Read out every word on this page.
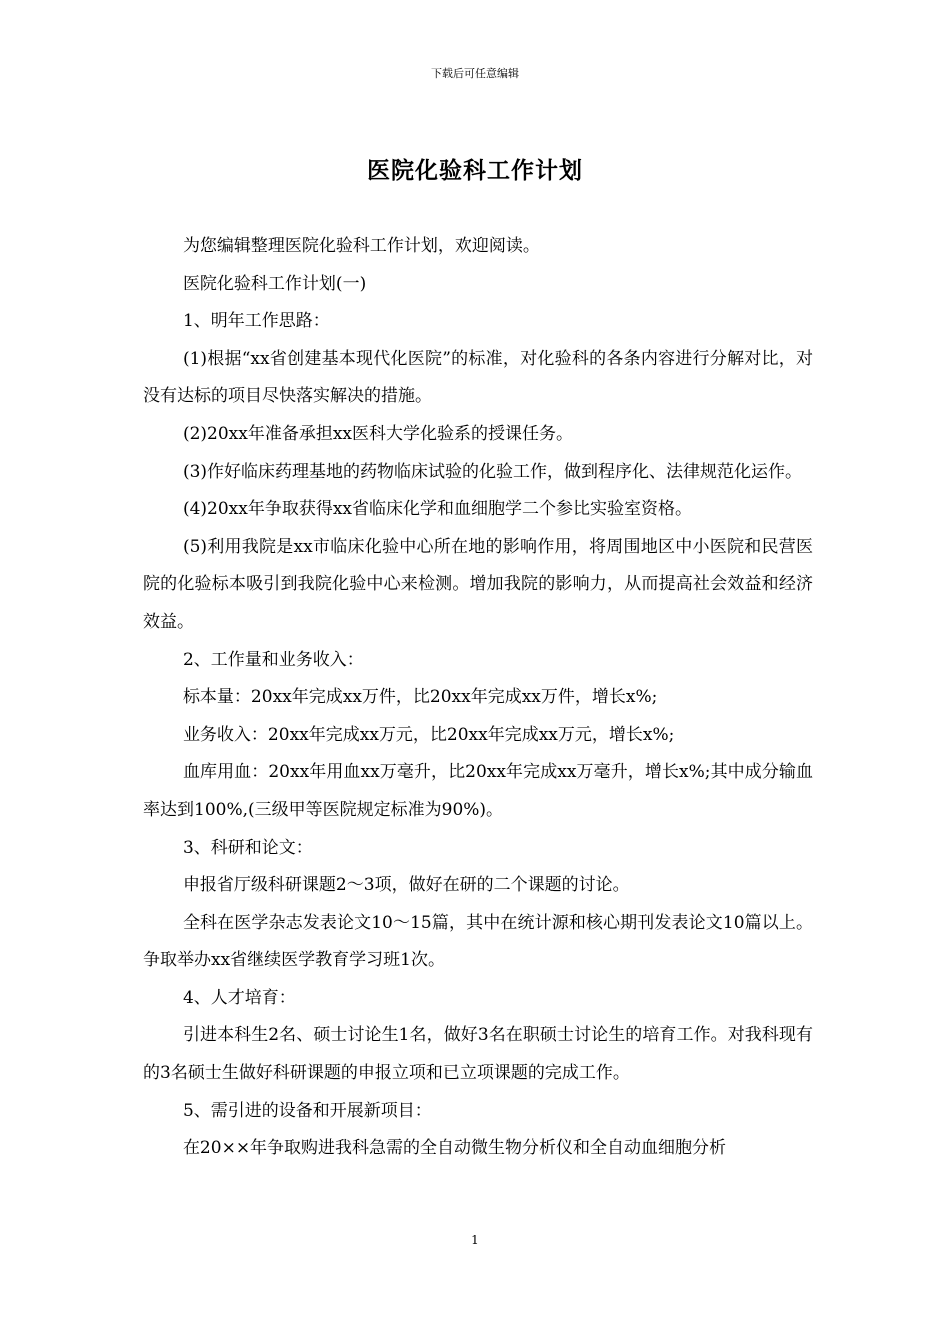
下载后可任意编辑
医院化验科工作计划

为您编辑整理医院化验科工作计划，欢迎阅读。

医院化验科工作计划(一)

1、明年工作思路：

(1)根据“xx省创建基本现代化医院”的标准，对化验科的各条内容进行分解对比，对没有达标的项目尽快落实解决的措施。

(2)20xx年准备承担xx医科大学化验系的授课任务。

(3)作好临床药理基地的药物临床试验的化验工作，做到程序化、法律规范化运作。

(4)20xx年争取获得xx省临床化学和血细胞学二个参比实验室资格。

(5)利用我院是xx市临床化验中心所在地的影响作用，将周围地区中小医院和民营医院的化验标本吸引到我院化验中心来检测。增加我院的影响力，从而提高社会效益和经济效益。

2、工作量和业务收入：

标本量：20xx年完成xx万件，比20xx年完成xx万件，增长x%;

业务收入：20xx年完成xx万元，比20xx年完成xx万元，增长x%;

血库用血：20xx年用血xx万毫升，比20xx年完成xx万毫升，增长x%;其中成分输血率达到100%,(三级甲等医院规定标准为90%)。

3、科研和论文：

申报省厅级科研课题2～3项，做好在研的二个课题的讨论。

全科在医学杂志发表论文10～15篇，其中在统计源和核心期刊发表论文10篇以上。争取举办xx省继续医学教育学习班1次。

4、人才培育：

引进本科生2名、硕士讨论生1名，做好3名在职硕士讨论生的培育工作。对我科现有的3名硕士生做好科研课题的申报立项和已立项课题的完成工作。

5、需引进的设备和开展新项目：

在20××年争取购进我科急需的全自动微生物分析仪和全自动血细胞分析

1
